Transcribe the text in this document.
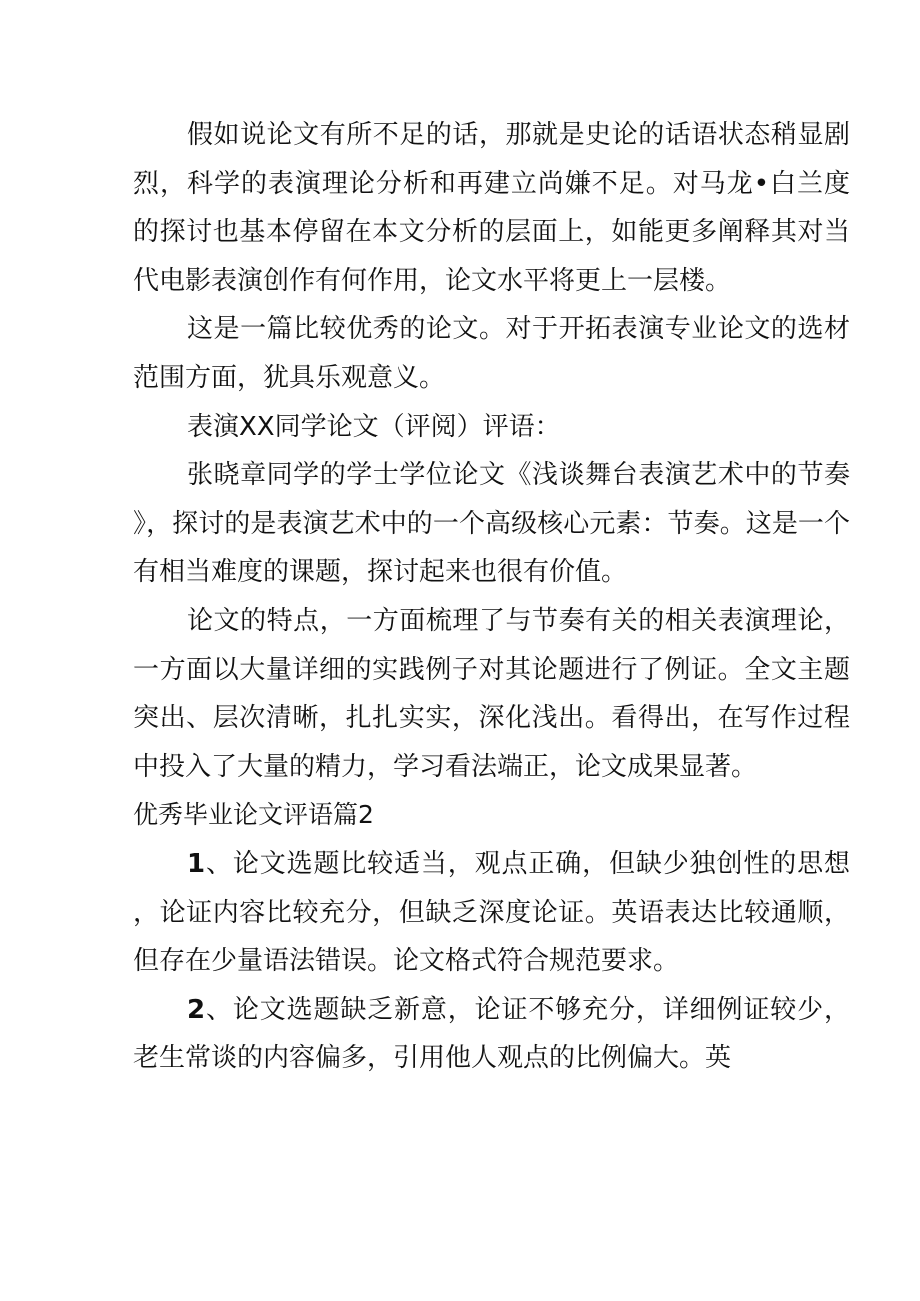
假如说论文有所不足的话，那就是史论的话语状态稍显剧烈，科学的表演理论分析和再建立尚嫌不足。对马龙•白兰度的探讨也基本停留在本文分析的层面上，如能更多阐释其对当代电影表演创作有何作用，论文水平将更上一层楼。

这是一篇比较优秀的论文。对于开拓表演专业论文的选材范围方面，犹具乐观意义。

表演XX同学论文（评阅）评语：

张晓章同学的学士学位论文《浅谈舞台表演艺术中的节奏》，探讨的是表演艺术中的一个高级核心元素：节奏。这是一个有相当难度的课题，探讨起来也很有价值。

论文的特点，一方面梳理了与节奏有关的相关表演理论，一方面以大量详细的实践例子对其论题进行了例证。全文主题突出、层次清晰，扎扎实实，深化浅出。看得出，在写作过程中投入了大量的精力，学习看法端正，论文成果显著。

优秀毕业论文评语篇2

1、论文选题比较适当，观点正确，但缺少独创性的思想，论证内容比较充分，但缺乏深度论证。英语表达比较通顺，但存在少量语法错误。论文格式符合规范要求。

2、论文选题缺乏新意，论证不够充分，详细例证较少，老生常谈的内容偏多，引用他人观点的比例偏大。英
